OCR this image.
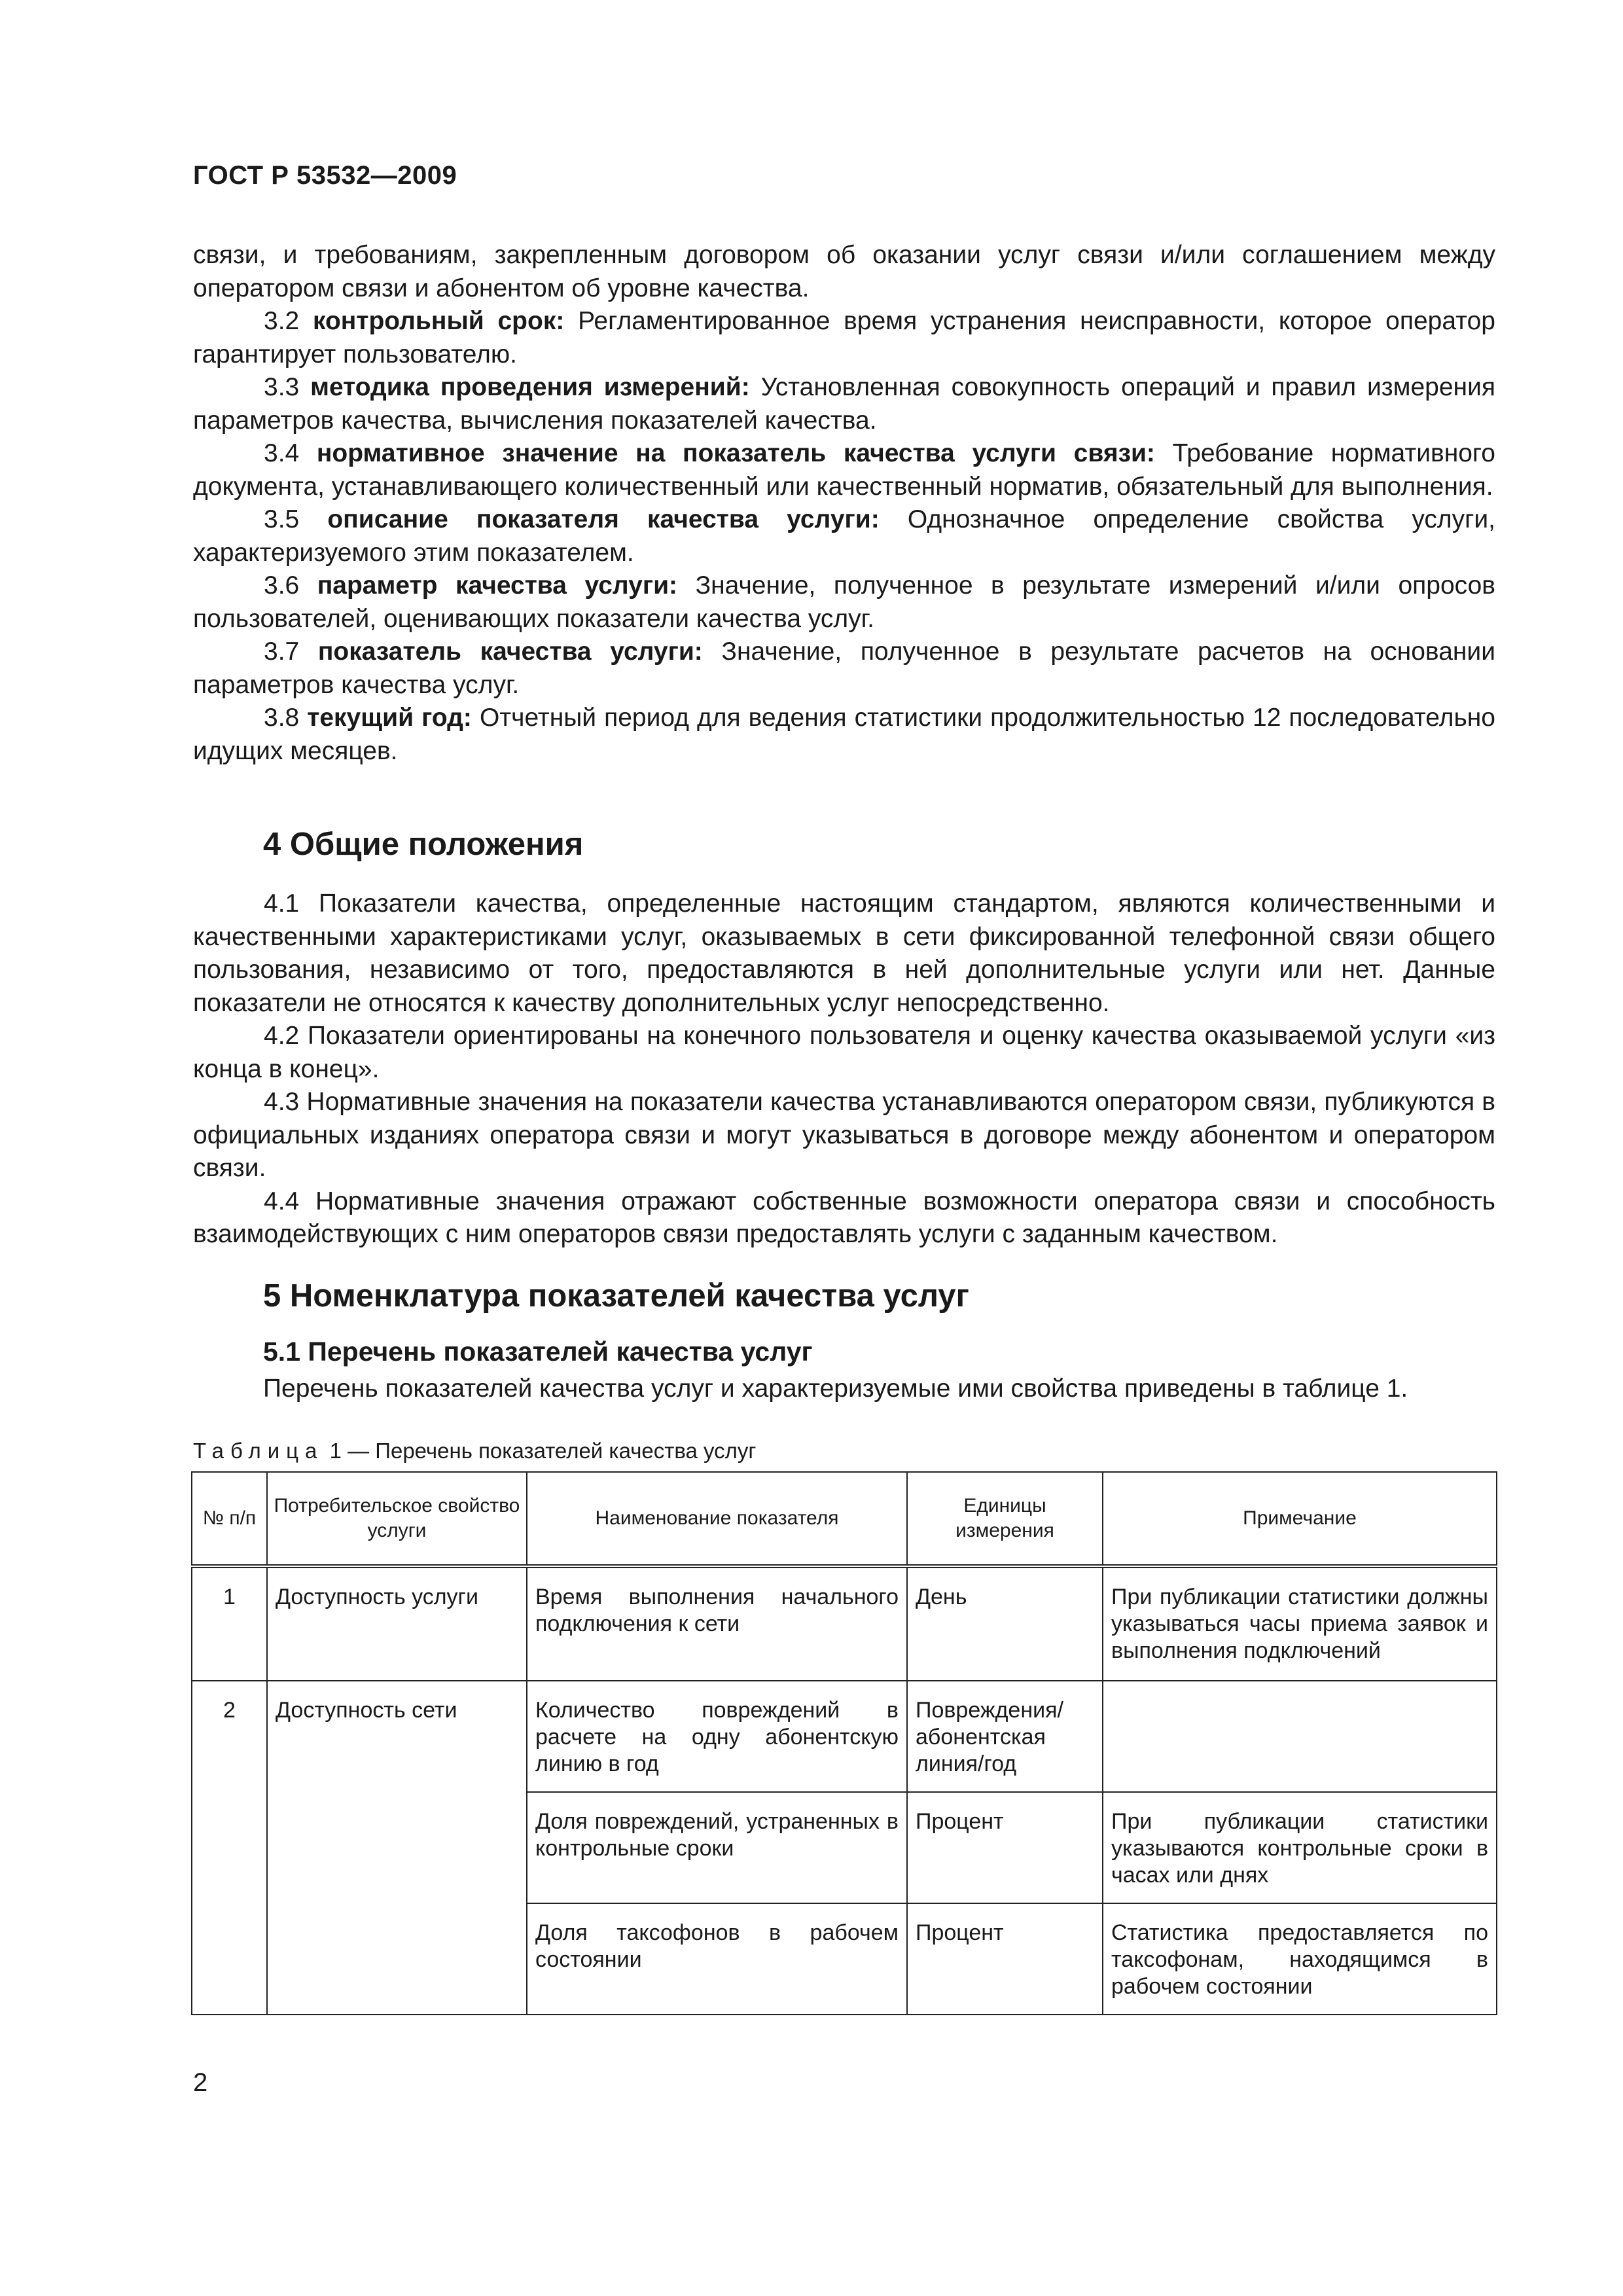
ГОСТ Р 53532—2009

связи, и требованиям, закрепленным договором об оказании услуг связи и/или соглашением между оператором связи и абонентом об уровне качества.

3.2 контрольный срок: Регламентированное время устранения неисправности, которое оператор гарантирует пользователю.

3.3 методика проведения измерений: Установленная совокупность операций и правил измерения параметров качества, вычисления показателей качества.

3.4 нормативное значение на показатель качества услуги связи: Требование нормативного документа, устанавливающего количественный или качественный норматив, обязательный для выполнения.

3.5 описание показателя качества услуги: Однозначное определение свойства услуги, характеризуемого этим показателем.

3.6 параметр качества услуги: Значение, полученное в результате измерений и/или опросов пользователей, оценивающих показатели качества услуг.

3.7 показатель качества услуги: Значение, полученное в результате расчетов на основании параметров качества услуг.

3.8 текущий год: Отчетный период для ведения статистики продолжительностью 12 последовательно идущих месяцев.

4 Общие положения

4.1 Показатели качества, определенные настоящим стандартом, являются количественными и качественными характеристиками услуг, оказываемых в сети фиксированной телефонной связи общего пользования, независимо от того, предоставляются в ней дополнительные услуги или нет. Данные показатели не относятся к качеству дополнительных услуг непосредственно.

4.2 Показатели ориентированы на конечного пользователя и оценку качества оказываемой услуги «из конца в конец».

4.3 Нормативные значения на показатели качества устанавливаются оператором связи, публикуются в официальных изданиях оператора связи и могут указываться в договоре между абонентом и оператором связи.

4.4 Нормативные значения отражают собственные возможности оператора связи и способность взаимодействующих с ним операторов связи предоставлять услуги с заданным качеством.

5 Номенклатура показателей качества услуг
5.1 Перечень показателей качества услуг

Перечень показателей качества услуг и характеризуемые ими свойства приведены в таблице 1.

Таблица 1 — Перечень показателей качества услуг
№ п/п	Потребительское свойство услуги	Наименование показателя	Единицы измерения	Примечание
1	Доступность услуги	Время выполнения начального подключения к сети	День	При публикации статистики должны указываться часы приема заявок и выполнения подключений
2	Доступность сети	Количество повреждений в расчете на одну абонентскую линию в год	Повреждения/ абонентская линия/год	
		Доля повреждений, устраненных в контрольные сроки	Процент	При публикации статистики указываются контрольные сроки в часах или днях
		Доля таксофонов в рабочем состоянии	Процент	Статистика предоставляется по таксофонам, находящимся в рабочем состоянии
2
